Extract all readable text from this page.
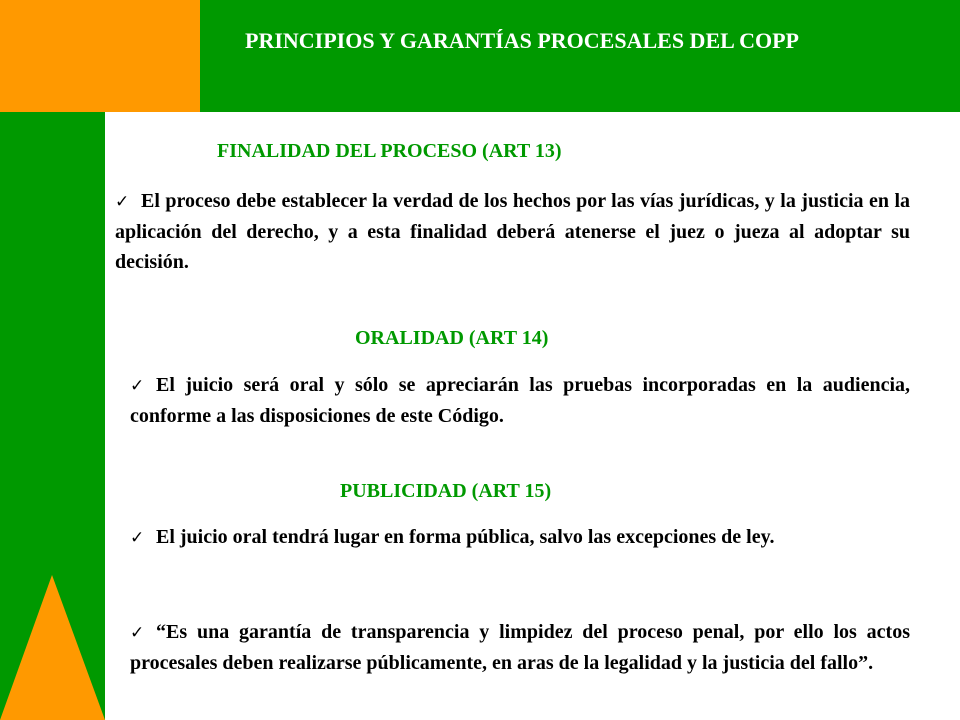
PRINCIPIOS Y GARANTÍAS PROCESALES DEL COPP
FINALIDAD DEL PROCESO (ART 13)
✓ El proceso debe establecer la verdad de los hechos por las vías jurídicas, y la justicia en la aplicación del derecho, y a esta finalidad deberá atenerse el juez o jueza al adoptar su decisión.
ORALIDAD (ART 14)
✓ El juicio será oral y sólo se apreciarán las pruebas incorporadas en la audiencia, conforme a las disposiciones de este Código.
PUBLICIDAD (ART 15)
✓ El juicio oral tendrá lugar en forma pública, salvo las excepciones de ley.
✓ “Es una garantía de transparencia y limpidez del proceso penal, por ello los actos procesales deben realizarse públicamente, en aras de la legalidad y la justicia del fallo”.
